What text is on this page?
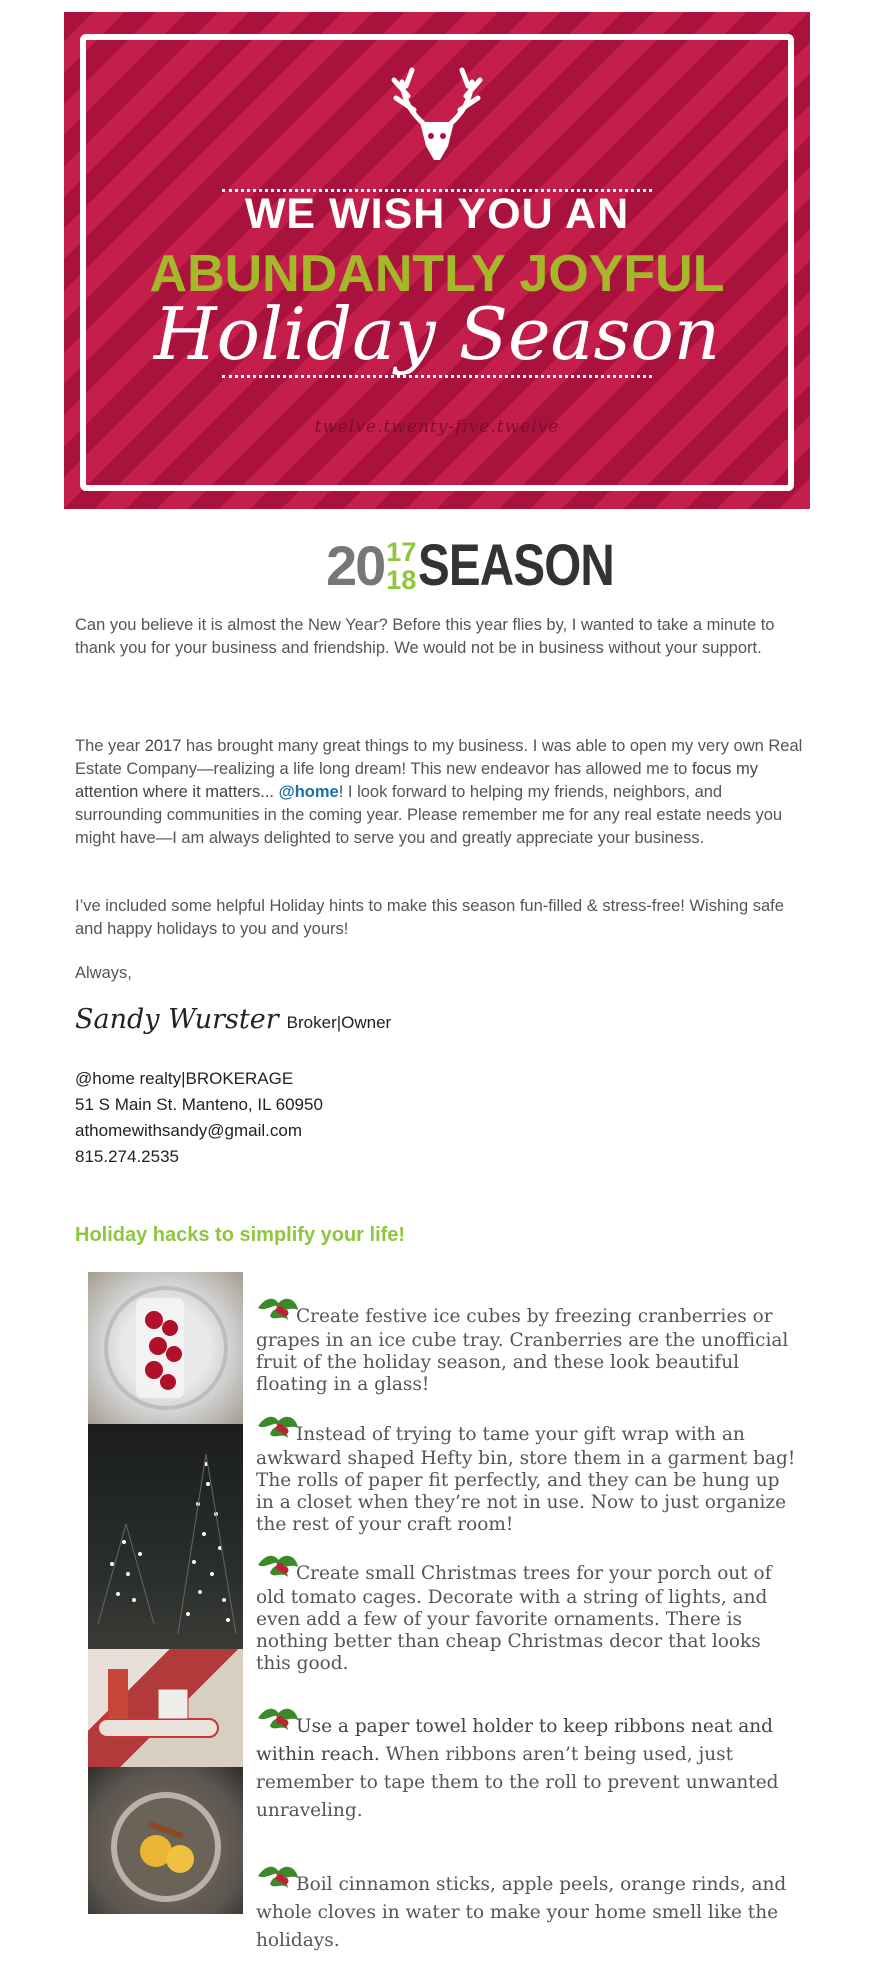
WE WISH YOU AN
ABUNDANTLY JOYFUL
Holiday Season
twelve.twenty-five.twelve
20 17
18 SEASON

Can you believe it is almost the New Year? Before this year flies by, I wanted to take a minute to thank you for your business and friendship. We would not be in business without your support.

The year 2017 has brought many great things to my business. I was able to open my very own Real Estate Company—realizing a life long dream! This new endeavor has allowed me to focus my attention where it matters... @home! I look forward to helping my friends, neighbors, and surrounding communities in the coming year. Please remember me for any real estate needs you might have—I am always delighted to serve you and greatly appreciate your business.

I’ve included some helpful Holiday hints to make this season fun-filled & stress-free! Wishing safe and happy holidays to you and yours!

Always,

Sandy Wurster Broker|Owner
@home realty|BROKERAGE
51 S Main St. Manteno, IL 60950
athomewithsandy@gmail.com
815.274.2535
Holiday hacks to simplify your life!
Create festive ice cubes by freezing cranberries or grapes in an ice cube tray. Cranberries are the unofficial fruit of the holiday season, and these look beautiful floating in a glass!
Instead of trying to tame your gift wrap with an awkward shaped Hefty bin, store them in a garment bag! The rolls of paper fit perfectly, and they can be hung up in a closet when they’re not in use. Now to just organize the rest of your craft room!
Create small Christmas trees for your porch out of old tomato cages. Decorate with a string of lights, and even add a few of your favorite ornaments. There is nothing better than cheap Christmas decor that looks this good.
Use a paper towel holder to keep ribbons neat and within reach. When ribbons aren’t being used, just remember to tape them to the roll to prevent unwanted unraveling.
Boil cinnamon sticks, apple peels, orange rinds, and whole cloves in water to make your home smell like the holidays.
